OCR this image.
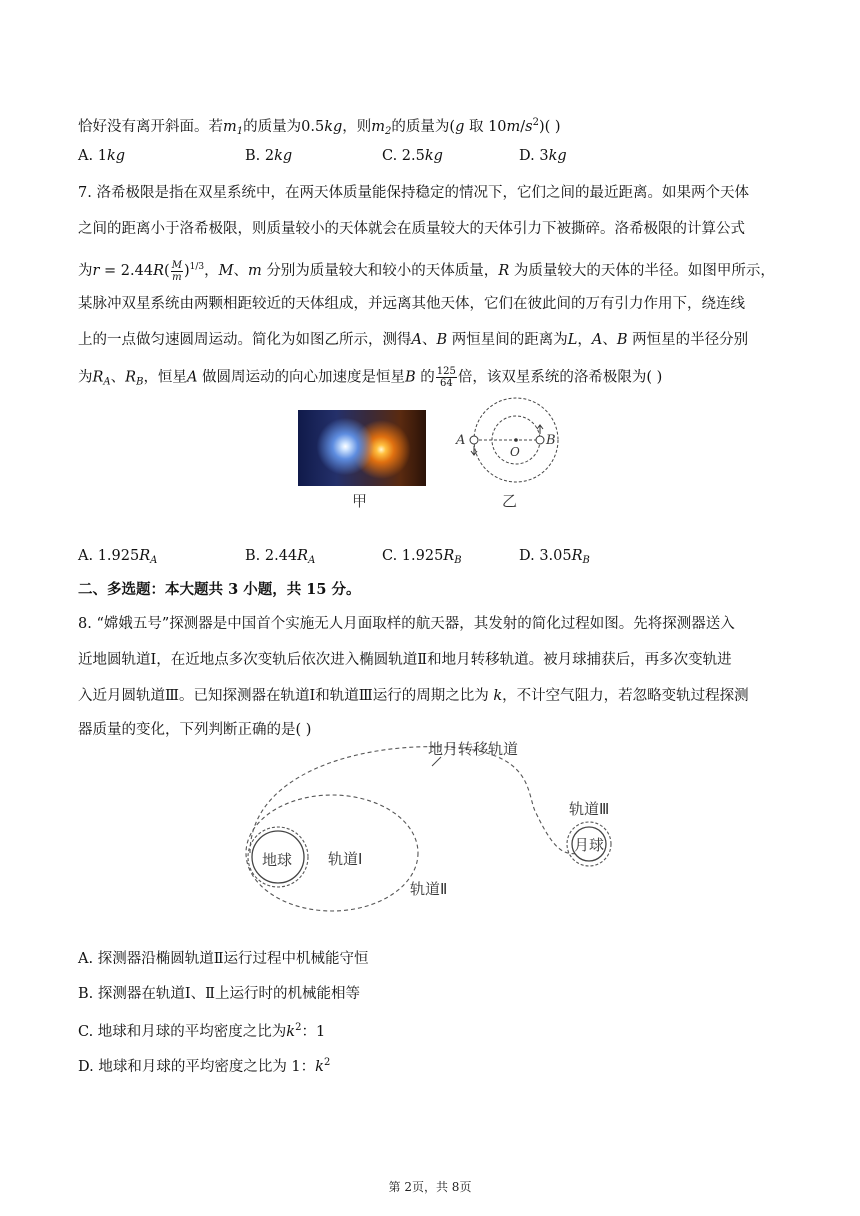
恰好没有离开斜面。若$m_1$的质量为0.5kg，则$m_2$的质量为(g 取 $10m/s^2$)( )
A. 1kg	B. 2kg	C. 2.5kg	D. 3kg
7. 洛希极限是指在双星系统中，在两天体质量能保持稳定的情况下，它们之间的最近距离。如果两个天体
之间的距离小于洛希极限，则质量较小的天体就会在质量较大的天体引力下被撕碎。洛希极限的计算公式
为$r = 2.44R( \frac{M}{m} )^{1/3}$，M、m 分别为质量较大和较小的天体质量，R 为质量较大的天体的半径。如图甲所示，
某脉冲双星系统由两颗相距较近的天体组成，并远离其他天体，它们在彼此间的万有引力作用下，绕连线
上的一点做匀速圆周运动。简化为如图乙所示，测得A、B 两恒星间的距离为L，A、B 两恒星的半径分别
为$R_A$、$R_B$，恒星A 做圆周运动的向心加速度是恒星B 的 $\frac{125}{64}$ 倍，该双星系统的洛希极限为( )
甲
A	B
O
乙
A. $1.925R_A$	B. $2.44R_A$	C. $1.925R_B$	D. $3.05R_B$
二、多选题：本大题共 3 小题，共 15 分。
8. “嫦娥五号”探测器是中国首个实施无人月面取样的航天器，其发射的简化过程如图。先将探测器送入
近地圆轨道Ⅰ，在近地点多次变轨后依次进入椭圆轨道Ⅱ和地月转移轨道。被月球捕获后，再多次变轨进
入近月圆轨道Ⅲ。已知探测器在轨道Ⅰ和轨道Ⅲ运行的周期之比为 k，不计空气阻力，若忽略变轨过程探测
器质量的变化，下列判断正确的是( )
地月转移轨道
轨道Ⅲ
地球 轨道Ⅰ
轨道Ⅱ
月球
A. 探测器沿椭圆轨道Ⅱ运行过程中机械能守恒
B. 探测器在轨道Ⅰ、Ⅱ上运行时的机械能相等
C. 地球和月球的平均密度之比为$k^2$：1
D. 地球和月球的平均密度之比为 1：$k^2$
第 2页，共 8页
